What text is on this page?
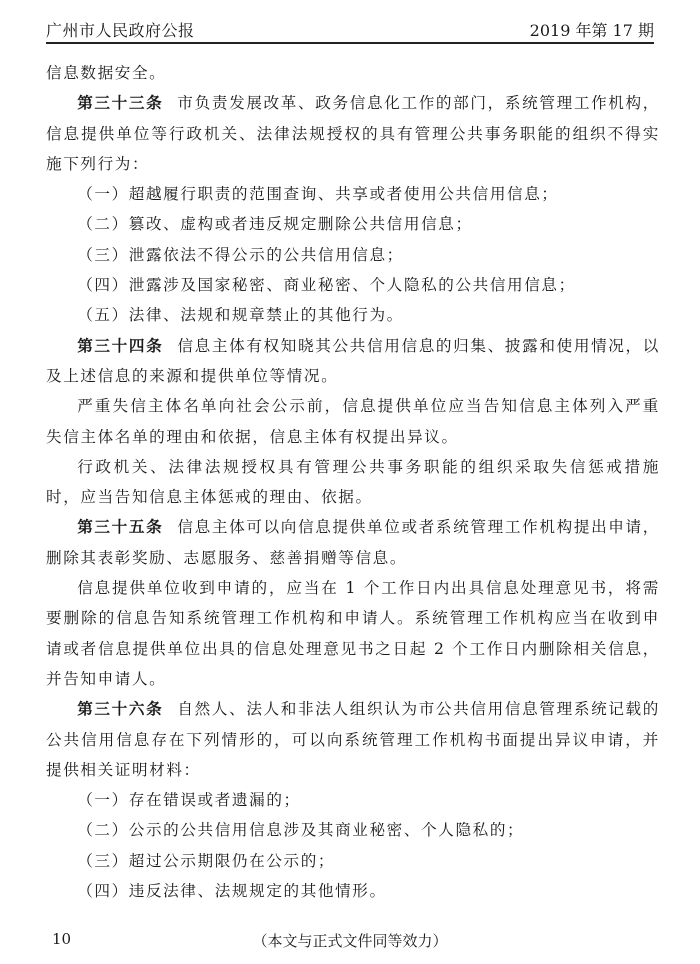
广州市人民政府公报	2019 年第 17 期

信息数据安全。

第三十三条 市负责发展改革、政务信息化工作的部门，系统管理工作机构，信息提供单位等行政机关、法律法规授权的具有管理公共事务职能的组织不得实施下列行为：

（一）超越履行职责的范围查询、共享或者使用公共信用信息；

（二）篡改、虚构或者违反规定删除公共信用信息；

（三）泄露依法不得公示的公共信用信息；

（四）泄露涉及国家秘密、商业秘密、个人隐私的公共信用信息；

（五）法律、法规和规章禁止的其他行为。

第三十四条 信息主体有权知晓其公共信用信息的归集、披露和使用情况，以及上述信息的来源和提供单位等情况。

严重失信主体名单向社会公示前，信息提供单位应当告知信息主体列入严重失信主体名单的理由和依据，信息主体有权提出异议。

行政机关、法律法规授权具有管理公共事务职能的组织采取失信惩戒措施时，应当告知信息主体惩戒的理由、依据。

第三十五条 信息主体可以向信息提供单位或者系统管理工作机构提出申请，删除其表彰奖励、志愿服务、慈善捐赠等信息。

信息提供单位收到申请的，应当在 1 个工作日内出具信息处理意见书，将需要删除的信息告知系统管理工作机构和申请人。系统管理工作机构应当在收到申请或者信息提供单位出具的信息处理意见书之日起 2 个工作日内删除相关信息，并告知申请人。

第三十六条 自然人、法人和非法人组织认为市公共信用信息管理系统记载的公共信用信息存在下列情形的，可以向系统管理工作机构书面提出异议申请，并提供相关证明材料：

（一）存在错误或者遗漏的；

（二）公示的公共信用信息涉及其商业秘密、个人隐私的；

（三）超过公示期限仍在公示的；

（四）违反法律、法规规定的其他情形。

10	（本文与正式文件同等效力）
